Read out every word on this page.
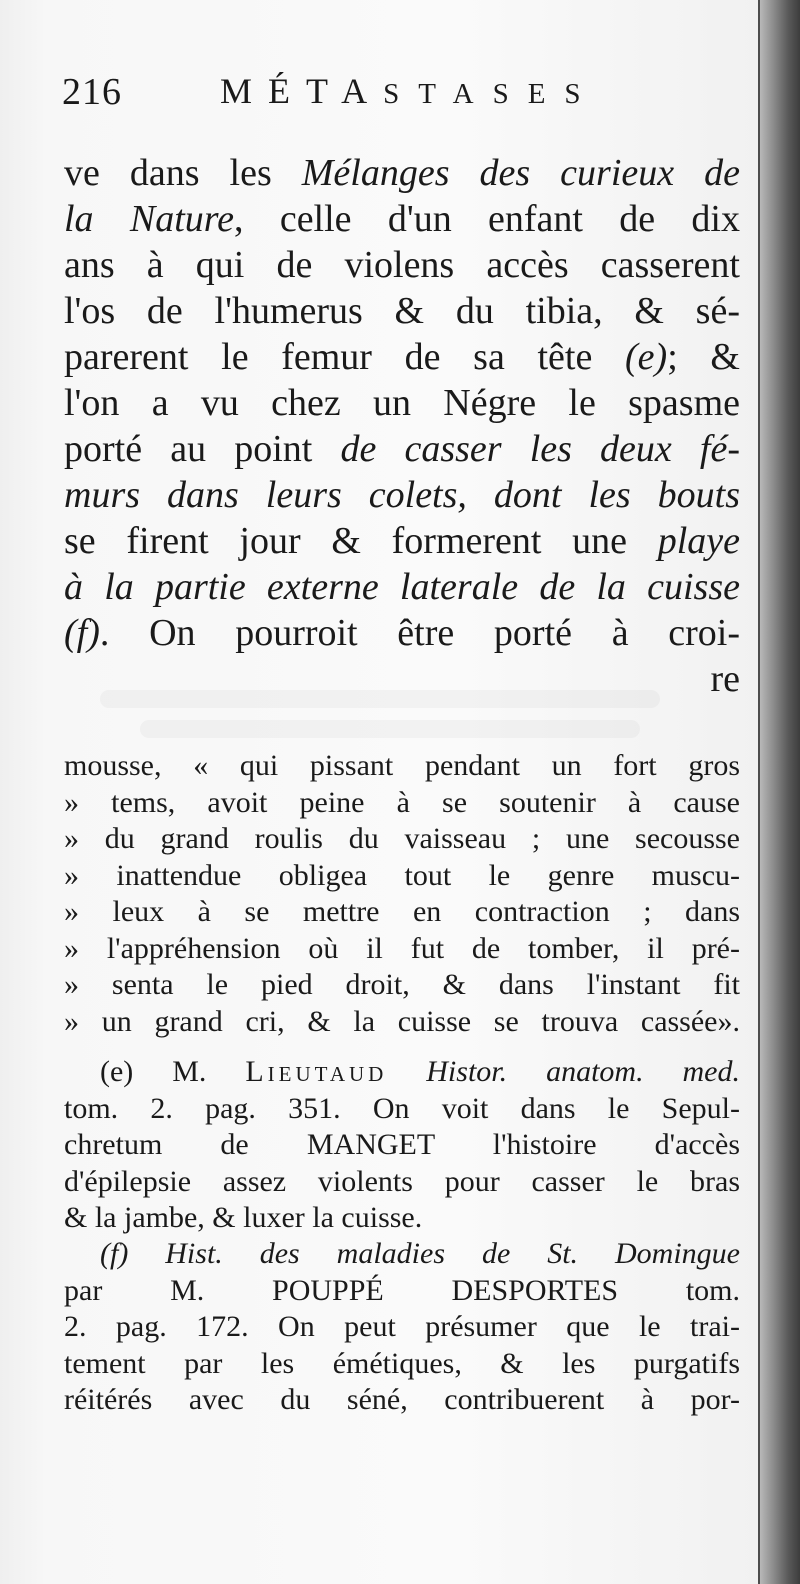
216	MÉTASTASES
ve dans les Mélanges des curieux de
la Nature, celle d'un enfant de dix
ans à qui de violens accès casserent
l'os de l'humerus & du tibia, & sé-
parerent le femur de sa tête (e); &
l'on a vu chez un Négre le spasme
porté au point de casser les deux fé-
murs dans leurs colets, dont les bouts
se firent jour & formerent une playe
à la partie externe laterale de la cuisse
(f). On pourroit être porté à croi-
re
mousse, « qui pissant pendant un fort gros
» tems, avoit peine à se soutenir à cause
» du grand roulis du vaisseau ; une secousse
» inattendue obligea tout le genre muscu-
» leux à se mettre en contraction ; dans
» l'appréhension où il fut de tomber, il pré-
» senta le pied droit, & dans l'instant fit
» un grand cri, & la cuisse se trouva cassée».
(e) M. Lieutaud Histor. anatom. med.
tom. 2. pag. 351. On voit dans le Sepul-
chretum de MANGET l'histoire d'accès
d'épilepsie assez violents pour casser le bras
& la jambe, & luxer la cuisse.
(f) Hist. des maladies de St. Domingue
par M. POUPPÉ DESPORTES tom.
2. pag. 172. On peut présumer que le trai-
tement par les émétiques, & les purgatifs
réitérés avec du séné, contribuerent à por-
